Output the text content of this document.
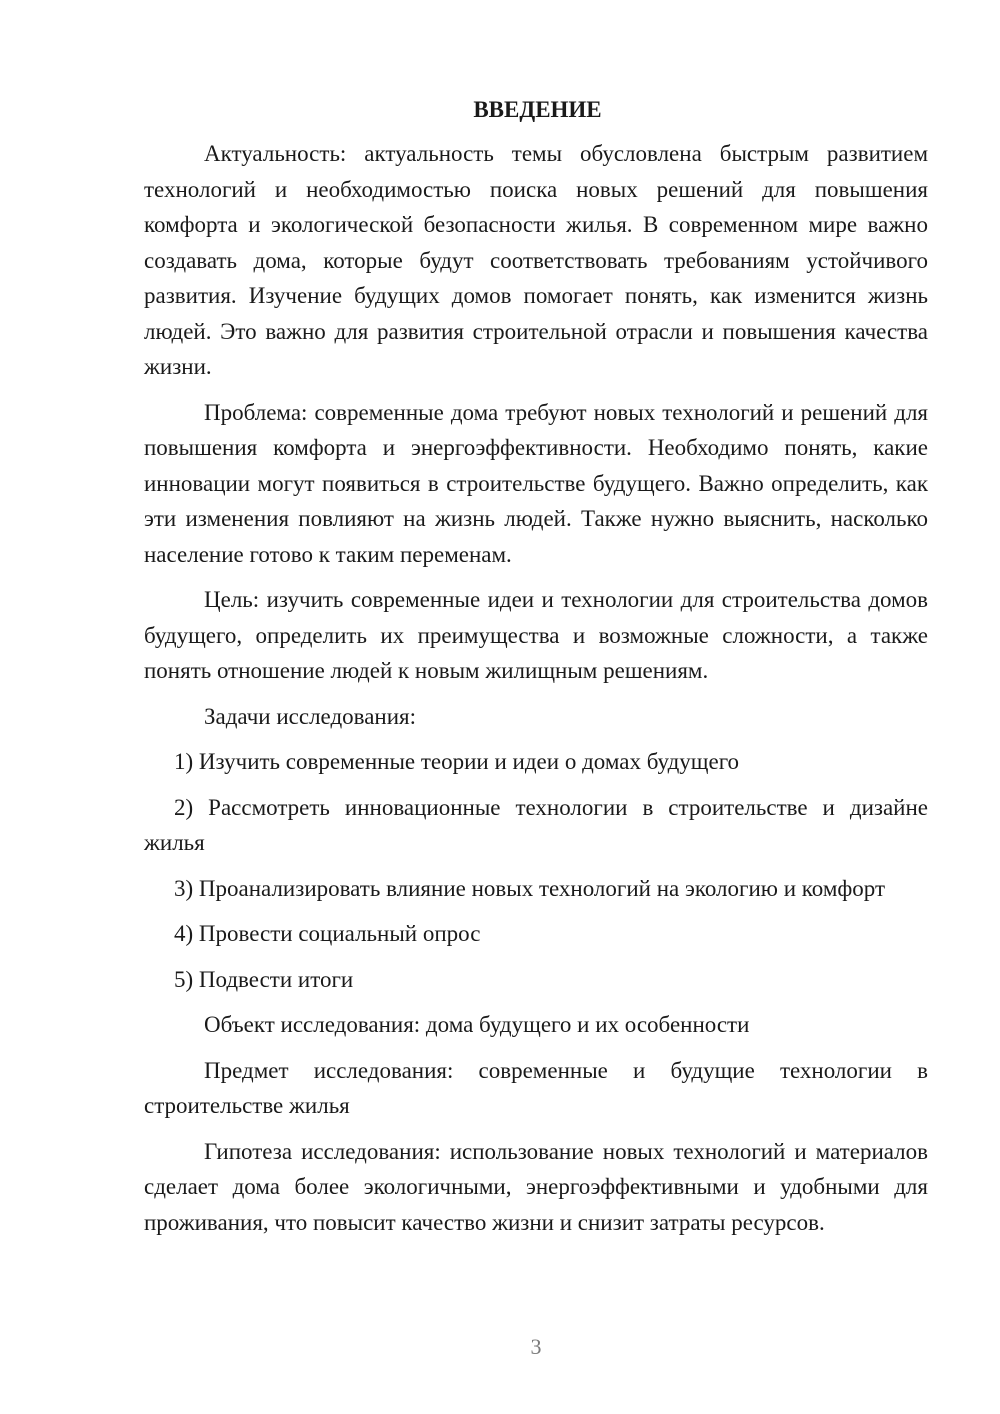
ВВЕДЕНИЕ

Актуальность: актуальность темы обусловлена быстрым развитием технологий и необходимостью поиска новых решений для повышения комфорта и экологической безопасности жилья. В современном мире важно создавать дома, которые будут соответствовать требованиям устойчивого развития. Изучение будущих домов помогает понять, как изменится жизнь людей. Это важно для развития строительной отрасли и повышения качества жизни.

Проблема: современные дома требуют новых технологий и решений для повышения комфорта и энергоэффективности. Необходимо понять, какие инновации могут появиться в строительстве будущего. Важно определить, как эти изменения повлияют на жизнь людей. Также нужно выяснить, насколько население готово к таким переменам.

Цель: изучить современные идеи и технологии для строительства домов будущего, определить их преимущества и возможные сложности, а также понять отношение людей к новым жилищным решениям.

Задачи исследования:

1) Изучить современные теории и идеи о домах будущего

2) Рассмотреть инновационные технологии в строительстве и дизайне жилья

3) Проанализировать влияние новых технологий на экологию и комфорт

4) Провести социальный опрос

5) Подвести итоги

Объект исследования: дома будущего и их особенности

Предмет исследования: современные и будущие технологии в строительстве жилья

Гипотеза исследования: использование новых технологий и материалов сделает дома более экологичными, энергоэффективными и удобными для проживания, что повысит качество жизни и снизит затраты ресурсов.

3
